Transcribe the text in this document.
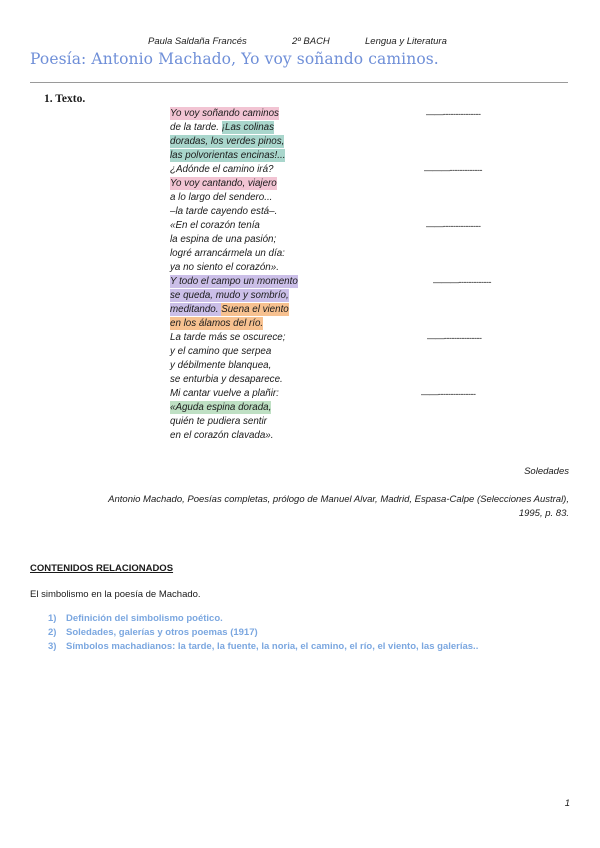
Paula Saldaña Francés	2º BACH	Lengua y Literatura
Poesía: Antonio Machado, Yo voy soñando caminos.
1. Texto.
Yo voy soñando caminos
de la tarde. ¡Las colinas
doradas, los verdes pinos,
las polvorientas encinas!...
¿Adónde el camino irá?
Yo voy cantando, viajero
a lo largo del sendero...
–la tarde cayendo está–.
«En el corazón tenía
la espina de una pasión;
logré arrancármela un día:
ya no siento el corazón».
Y todo el campo un momento
se queda, mudo y sombrío,
meditando. Suena el viento
en los álamos del río.
La tarde más se oscurece;
y el camino que serpea
y débilmente blanquea,
se enturbia y desaparece.
Mi cantar vuelve a plañir:
«Aguda espina dorada,
quién te pudiera sentir
en el corazón clavada».
——---------------
———-------------
——---------------
———-------------
——---------------
——---------------
Soledades
Antonio Machado, Poesías completas, prólogo de Manuel Alvar, Madrid, Espasa-Calpe (Selecciones Austral),
1995, p. 83.
CONTENIDOS RELACIONADOS
El simbolismo en la poesía de Machado.
1) Definición del simbolismo poético.
2) Soledades, galerías y otros poemas (1917)
3) Símbolos machadianos: la tarde, la fuente, la noria, el camino, el río, el viento, las galerías..
1
